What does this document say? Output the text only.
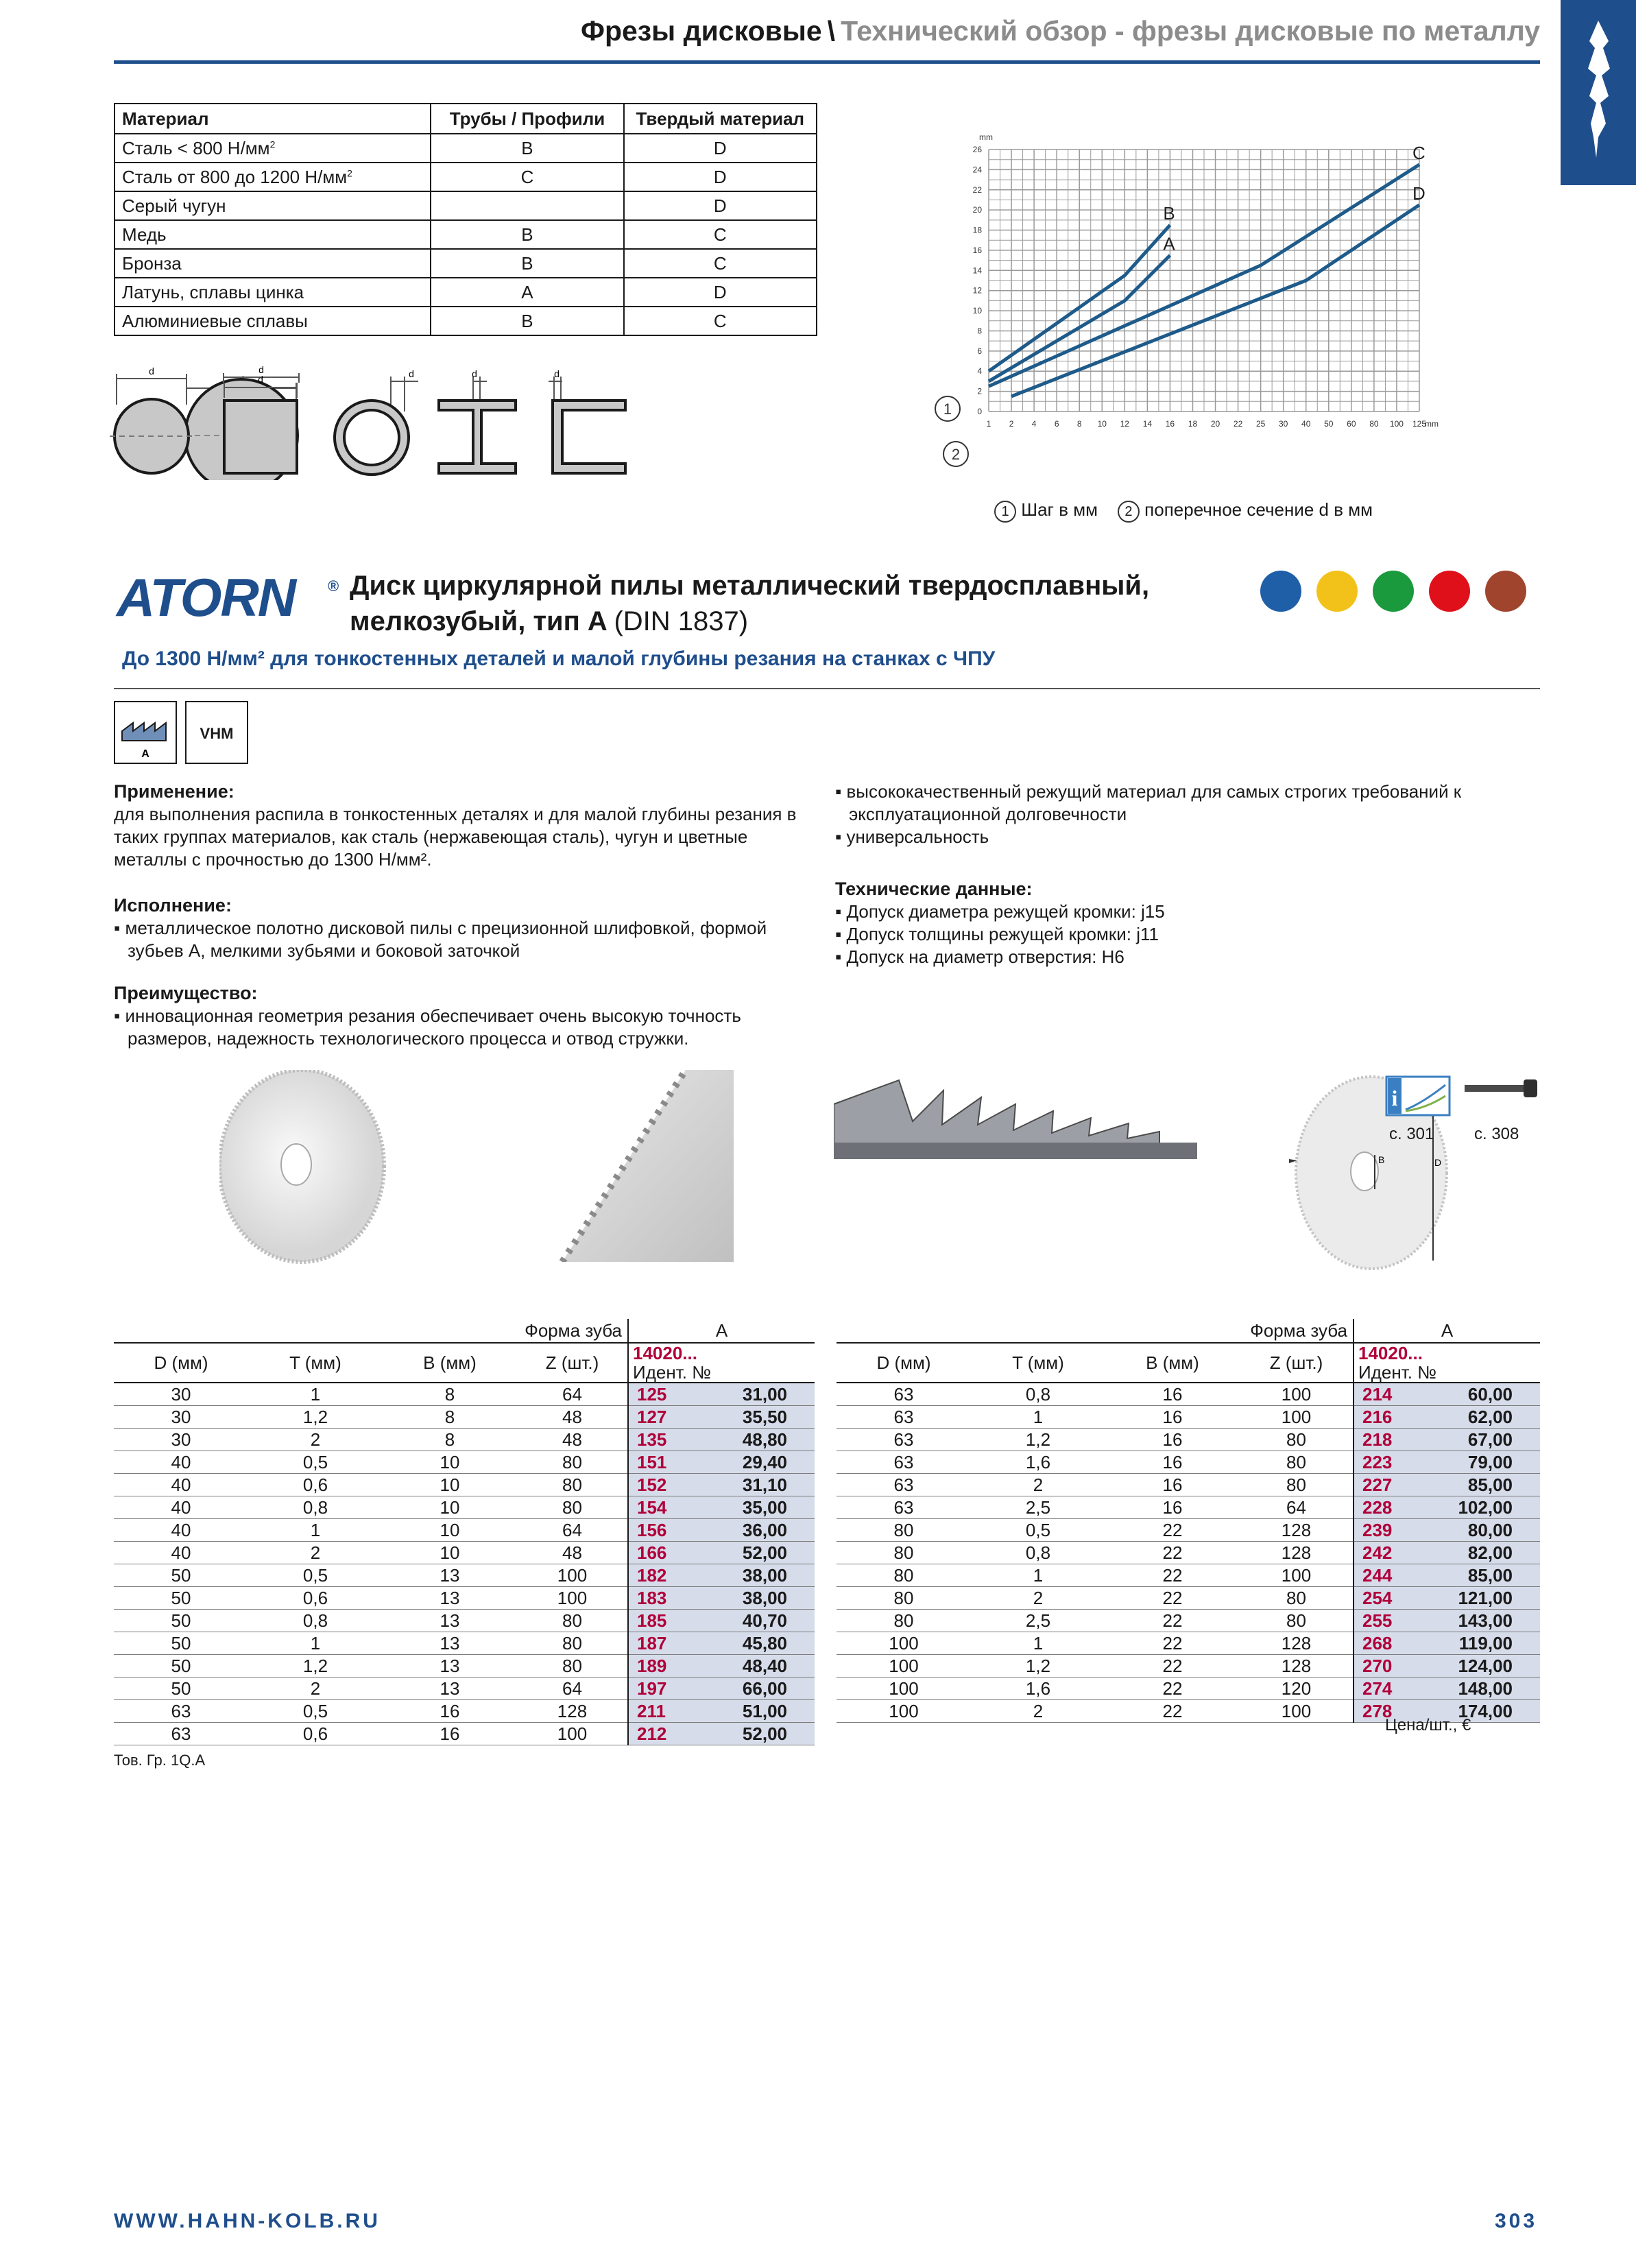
Фрезы дисковые \ Технический обзор - фрезы дисковые по металлу
Материал	Трубы / Профили	Твердый материал
Сталь < 800 $Н/мм^2$	B	D
Сталь от 800 до 1200 $Н/мм^2$	C	D
Серый чугун		D
Медь	B	C
Бронза	B	C
Латунь, сплавы цинка	A	D
Алюминиевые сплавы	B	C
d
d
d	d	d	d
1 2 4 6 8 10 12 14 16 18 20 22 25 30 40 50 60 80 100 125
0
2
4
6
8
10
12
14
16
18
20
22
24
26
mm
mm
1
2
A
B
C
D
1 Шаг в мм 2 поперечное сечение d в мм
ATORN ® Диск циркулярной пилы металлический твердосплавный, мелкозубый, тип A (DIN 1837)
До 1300 Н/мм² для тонкостенных деталей и малой глубины резания на станках с ЧПУ
A
VHM
Применение:

для выполнения распила в тонкостенных деталях и для малой глубины резания в таких группах материалов, как сталь (нержавеющая сталь), чугун и цветные металлы с прочностью до 1300 Н/мм².

Исполнение:
▪ металлическое полотно дисковой пилы с прецизионной шлифовкой, формой зубьев А, мелкими зубьями и боковой заточкой
Преимущество:
▪ инновационная геометрия резания обеспечивает очень высокую точность размеров, надежность технологического процесса и отвод стружки.
▪ высококачественный режущий материал для самых строгих требований к эксплуатационной долговечности
▪ универсальность
Технические данные:
▪ Допуск диаметра режущей кромки: j15
▪ Допуск толщины режущей кромки: j11
▪ Допуск на диаметр отверстия: H6
D
B
i
с. 301 с. 308
Форма зуба				A	
D (мм)	T (мм)	B (мм)	Z (шт.)	14020...
Идент. №	
30	1	8	64	125	31,00
30	1,2	8	48	127	35,50
30	2	8	48	135	48,80
40	0,5	10	80	151	29,40
40	0,6	10	80	152	31,10
40	0,8	10	80	154	35,00
40	1	10	64	156	36,00
40	2	10	48	166	52,00
50	0,5	13	100	182	38,00
50	0,6	13	100	183	38,00
50	0,8	13	80	185	40,70
50	1	13	80	187	45,80
50	1,2	13	80	189	48,40
50	2	13	64	197	66,00
63	0,5	16	128	211	51,00
63	0,6	16	100	212	52,00
Форма зуба				A	
D (мм)	T (мм)	B (мм)	Z (шт.)	14020...
Идент. №	
63	0,8	16	100	214	60,00
63	1	16	100	216	62,00
63	1,2	16	80	218	67,00
63	1,6	16	80	223	79,00
63	2	16	80	227	85,00
63	2,5	16	64	228	102,00
80	0,5	22	128	239	80,00
80	0,8	22	128	242	82,00
80	1	22	100	244	85,00
80	2	22	80	254	121,00
80	2,5	22	80	255	143,00
100	1	22	128	268	119,00
100	1,2	22	128	270	124,00
100	1,6	22	120	274	148,00
100	2	22	100	278	174,00
Цена/шт., €
Тов. Гр. 1Q.A
WWW.HAHN-KOLB.RU	303
